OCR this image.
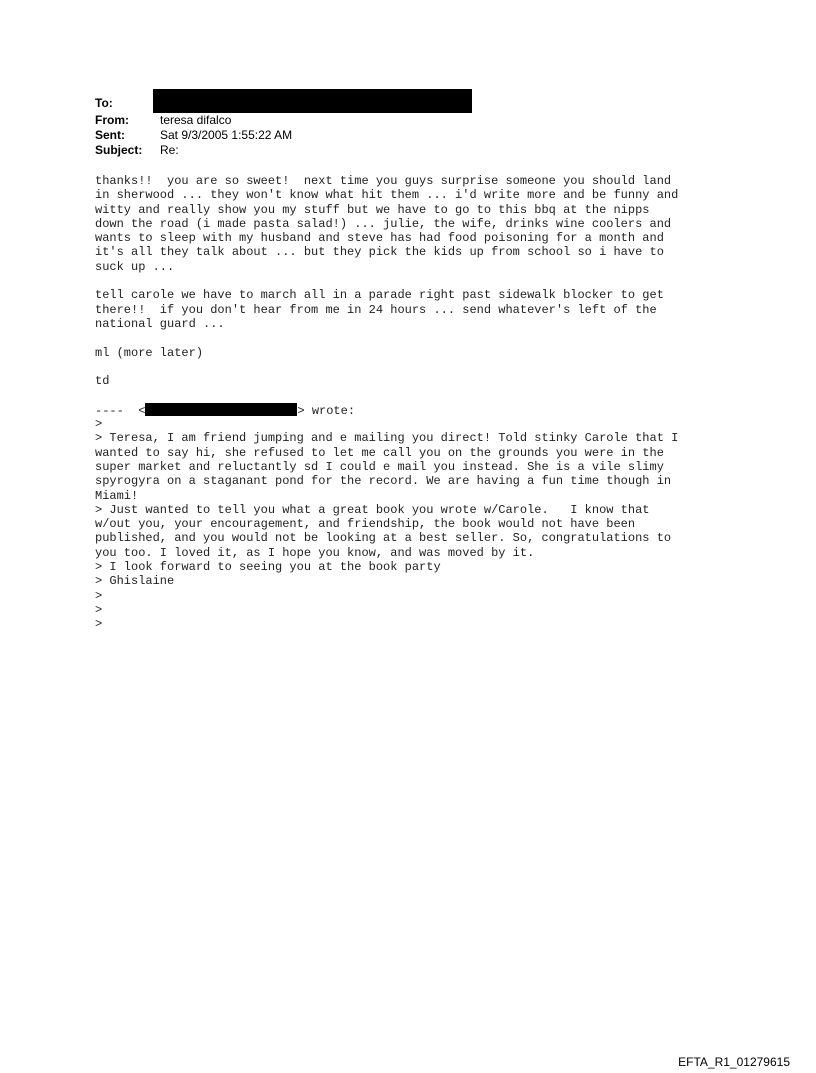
To:
From:	teresa difalco
Sent:	Sat 9/3/2005 1:55:22 AM
Subject: Re:
thanks!!  you are so sweet!  next time you guys surprise someone you should land
in sherwood ... they won't know what hit them ... i'd write more and be funny and
witty and really show you my stuff but we have to go to this bbq at the nipps
down the road (i made pasta salad!) ... julie, the wife, drinks wine coolers and
wants to sleep with my husband and steve has had food poisoning for a month and
it's all they talk about ... but they pick the kids up from school so i have to
suck up ...
tell carole we have to march all in a parade right past sidewalk blocker to get
there!!  if you don't hear from me in 24 hours ... send whatever's left of the
national guard ...
ml (more later)
td
----  <	> wrote:
>
> Teresa, I am friend jumping and e mailing you direct! Told stinky Carole that I
wanted to say hi, she refused to let me call you on the grounds you were in the
super market and reluctantly sd I could e mail you instead. She is a vile slimy
spyrogyra on a staganant pond for the record. We are having a fun time though in
Miami!
> Just wanted to tell you what a great book you wrote w/Carole.   I know that
w/out you, your encouragement, and friendship, the book would not have been
published, and you would not be looking at a best seller. So, congratulations to
you too. I loved it, as I hope you know, and was moved by it.
> I look forward to seeing you at the book party
> Ghislaine
>
>
>
EFTA_R1_01279615
